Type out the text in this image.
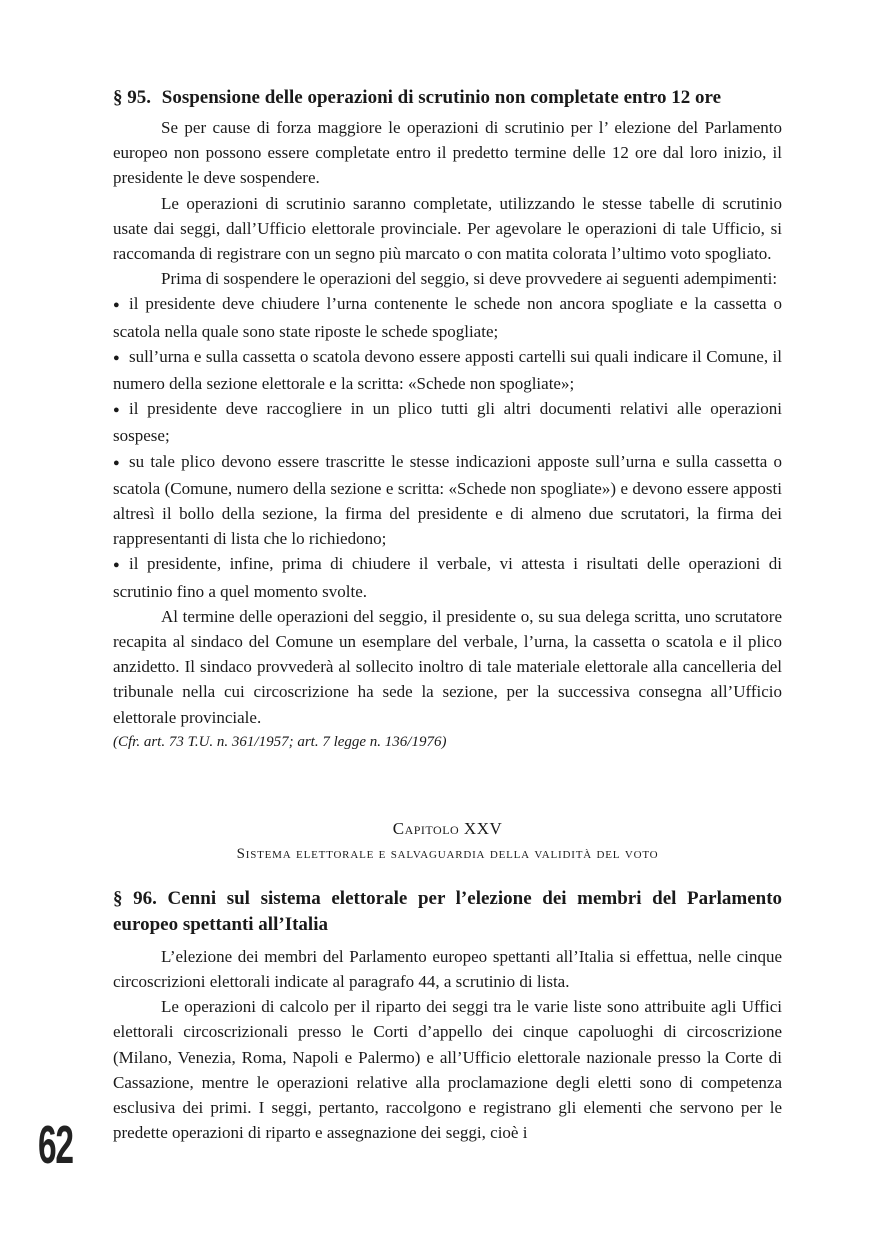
§ 95. Sospensione delle operazioni di scrutinio non completate entro 12 ore

Se per cause di forza maggiore le operazioni di scrutinio per l’ elezione del Parlamento europeo non possono essere completate entro il predetto termine delle 12 ore dal loro inizio, il presidente le deve sospendere.

Le operazioni di scrutinio saranno completate, utilizzando le stesse tabelle di scrutinio usate dai seggi, dall’Ufficio elettorale provinciale. Per agevolare le operazioni di tale Ufficio, si raccomanda di registrare con un segno più marcato o con matita colorata l’ultimo voto spogliato.

Prima di sospendere le operazioni del seggio, si deve provvedere ai seguenti adempimenti:

● il presidente deve chiudere l’urna contenente le schede non ancora spogliate e la cassetta o scatola nella quale sono state riposte le schede spogliate;
● sull’urna e sulla cassetta o scatola devono essere apposti cartelli sui quali indicare il Comune, il numero della sezione elettorale e la scritta: «Schede non spogliate»;
● il presidente deve raccogliere in un plico tutti gli altri documenti relativi alle operazioni sospese;
● su tale plico devono essere trascritte le stesse indicazioni apposte sull’urna e sulla cassetta o scatola (Comune, numero della sezione e scritta: «Schede non spogliate») e devono essere apposti altresì il bollo della sezione, la firma del presidente e di almeno due scrutatori, la firma dei rappresentanti di lista che lo richiedono;
● il presidente, infine, prima di chiudere il verbale, vi attesta i risultati delle operazioni di scrutinio fino a quel momento svolte.

Al termine delle operazioni del seggio, il presidente o, su sua delega scritta, uno scrutatore recapita al sindaco del Comune un esemplare del verbale, l’urna, la cassetta o scatola e il plico anzidetto. Il sindaco provvederà al sollecito inoltro di tale materiale elettorale alla cancelleria del tribunale nella cui circoscrizione ha sede la sezione, per la successiva consegna all’Ufficio elettorale provinciale.

(Cfr. art. 73 T.U. n. 361/1957; art. 7 legge n. 136/1976)

Capitolo XXV
Sistema elettorale e salvaguardia della validità del voto
§ 96. Cenni sul sistema elettorale per l’elezione dei membri del Parlamento europeo spettanti all’Italia

L’elezione dei membri del Parlamento europeo spettanti all’Italia si effettua, nelle cinque circoscrizioni elettorali indicate al paragrafo 44, a scrutinio di lista.

Le operazioni di calcolo per il riparto dei seggi tra le varie liste sono attribuite agli Uffici elettorali circoscrizionali presso le Corti d’appello dei cinque capoluoghi di circoscrizione (Milano, Venezia, Roma, Napoli e Palermo) e all’Ufficio elettorale nazionale presso la Corte di Cassazione, mentre le operazioni relative alla proclamazione degli eletti sono di competenza esclusiva dei primi. I seggi, pertanto, raccolgono e registrano gli elementi che servono per le predette operazioni di riparto e assegnazione dei seggi, cioè i

62
